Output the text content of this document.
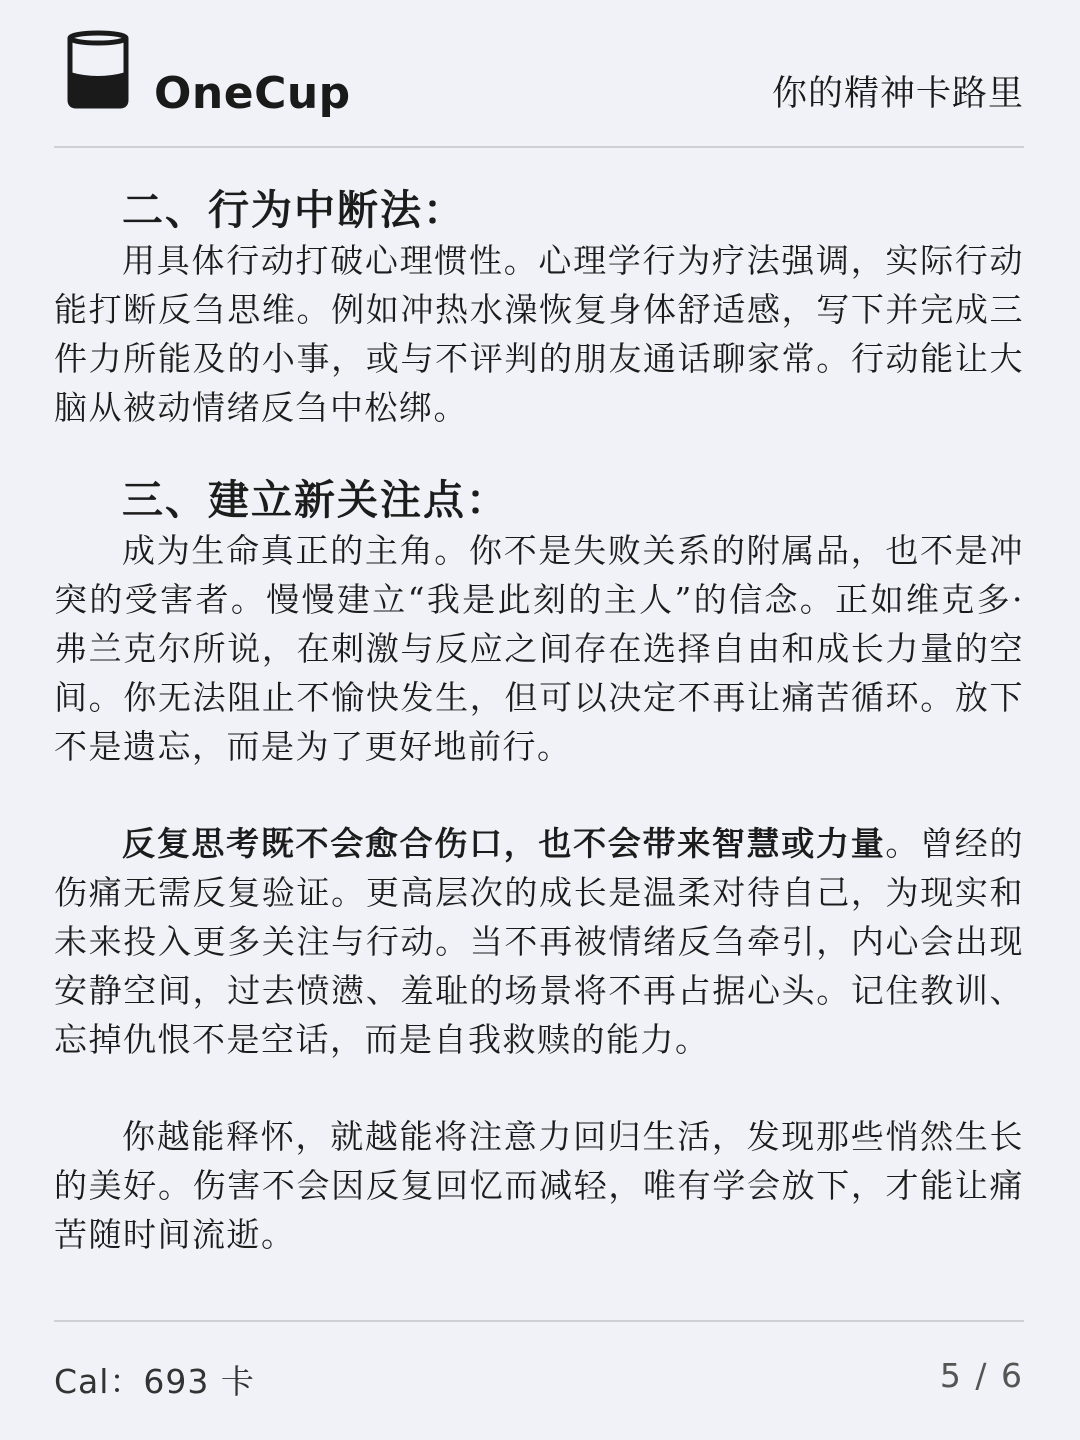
OneCup	你的精神卡路里
二、行为中断法：

用具体行动打破心理惯性。心理学行为疗法强调，实际行动能打断反刍思维。例如冲热水澡恢复身体舒适感，写下并完成三件力所能及的小事，或与不评判的朋友通话聊家常。行动能让大脑从被动情绪反刍中松绑。

三、建立新关注点：

成为生命真正的主角。你不是失败关系的附属品，也不是冲突的受害者。慢慢建立“我是此刻的主人”的信念。正如维克多·弗兰克尔所说，在刺激与反应之间存在选择自由和成长力量的空间。你无法阻止不愉快发生，但可以决定不再让痛苦循环。放下不是遗忘，而是为了更好地前行。

反复思考既不会愈合伤口，也不会带来智慧或力量。曾经的伤痛无需反复验证。更高层次的成长是温柔对待自己，为现实和未来投入更多关注与行动。当不再被情绪反刍牵引，内心会出现安静空间，过去愤懑、羞耻的场景将不再占据心头。记住教训、忘掉仇恨不是空话，而是自我救赎的能力。

你越能释怀，就越能将注意力回归生活，发现那些悄然生长的美好。伤害不会因反复回忆而减轻，唯有学会放下，才能让痛苦随时间流逝。

Cal：693 卡	5 / 6
